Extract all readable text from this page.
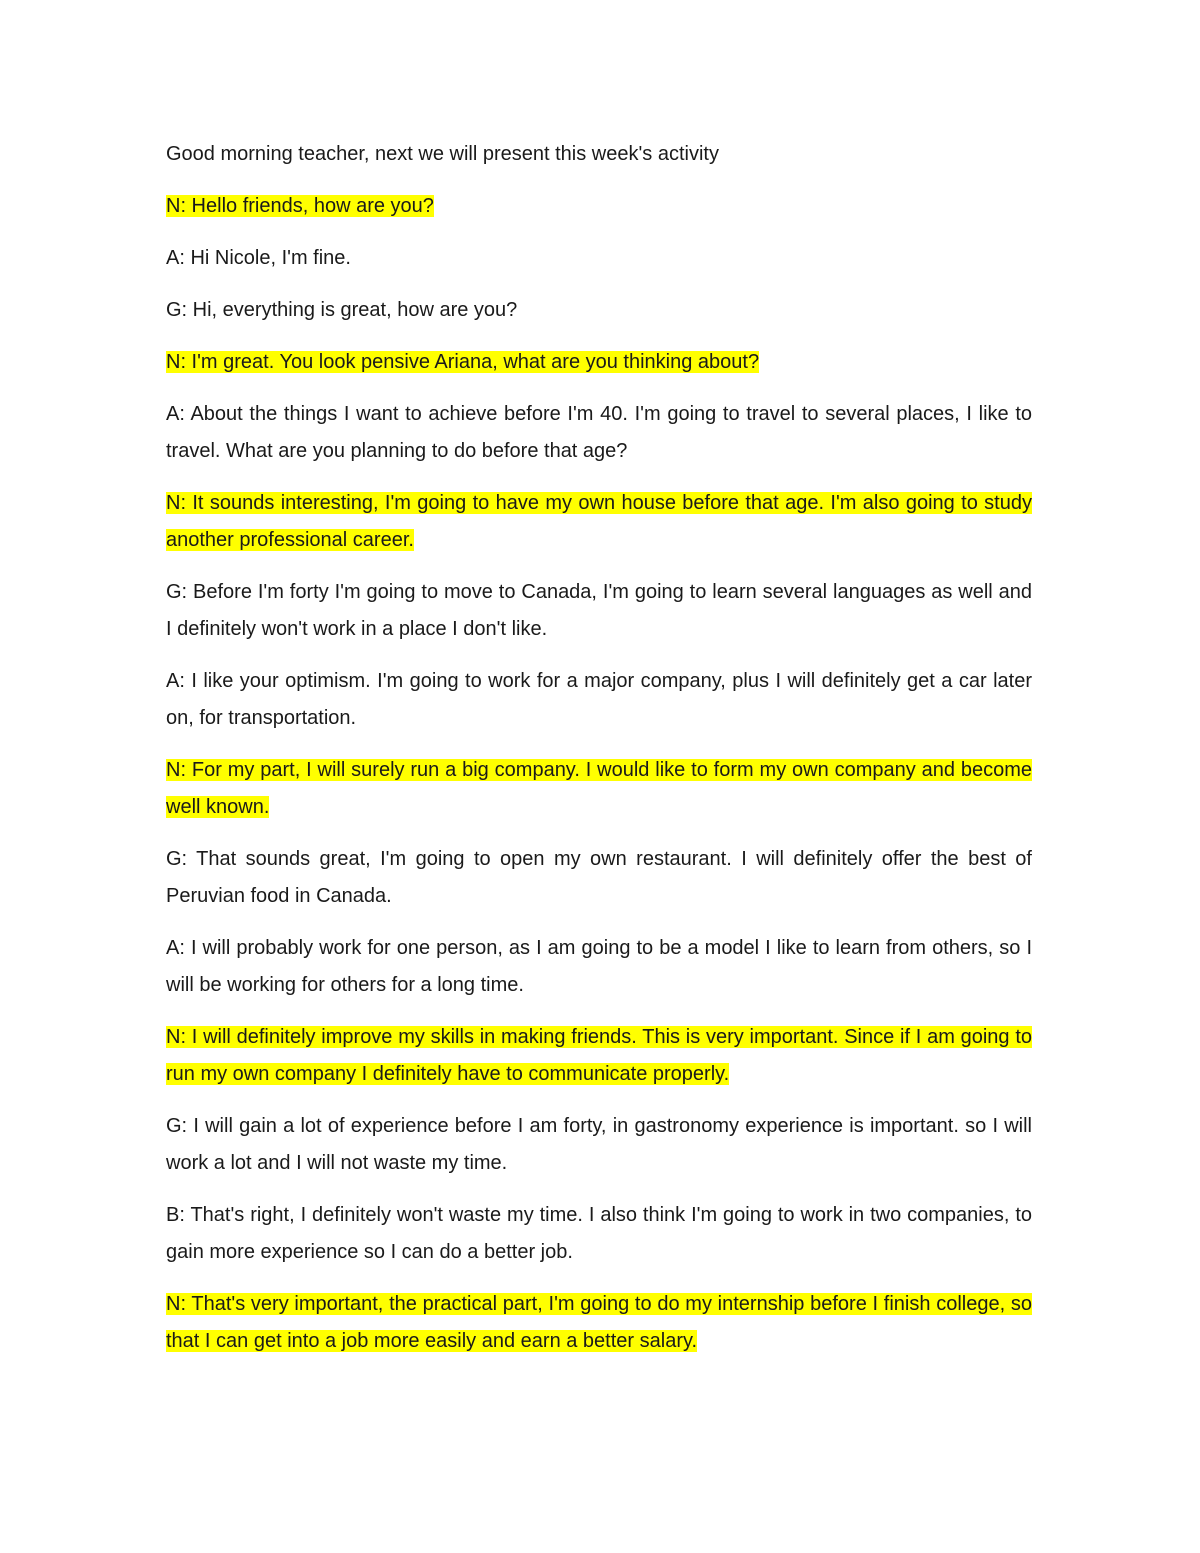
Good morning teacher, next we will present this week's activity

N: Hello friends, how are you?

A: Hi Nicole, I'm fine.

G: Hi, everything is great, how are you?

N: I'm great. You look pensive Ariana, what are you thinking about?

A: About the things I want to achieve before I'm 40. I'm going to travel to several places, I like to travel. What are you planning to do before that age?

N: It sounds interesting, I'm going to have my own house before that age. I'm also going to study another professional career.

G: Before I'm forty I'm going to move to Canada, I'm going to learn several languages as well and I definitely won't work in a place I don't like.

A: I like your optimism. I'm going to work for a major company, plus I will definitely get a car later on, for transportation.

N: For my part, I will surely run a big company. I would like to form my own company and become well known.

G: That sounds great, I'm going to open my own restaurant. I will definitely offer the best of Peruvian food in Canada.

A: I will probably work for one person, as I am going to be a model I like to learn from others, so I will be working for others for a long time.

N: I will definitely improve my skills in making friends. This is very important. Since if I am going to run my own company I definitely have to communicate properly.

G: I will gain a lot of experience before I am forty, in gastronomy experience is important. so I will work a lot and I will not waste my time.

B: That's right, I definitely won't waste my time. I also think I'm going to work in two companies, to gain more experience so I can do a better job.

N: That's very important, the practical part, I'm going to do my internship before I finish college, so that I can get into a job more easily and earn a better salary.
